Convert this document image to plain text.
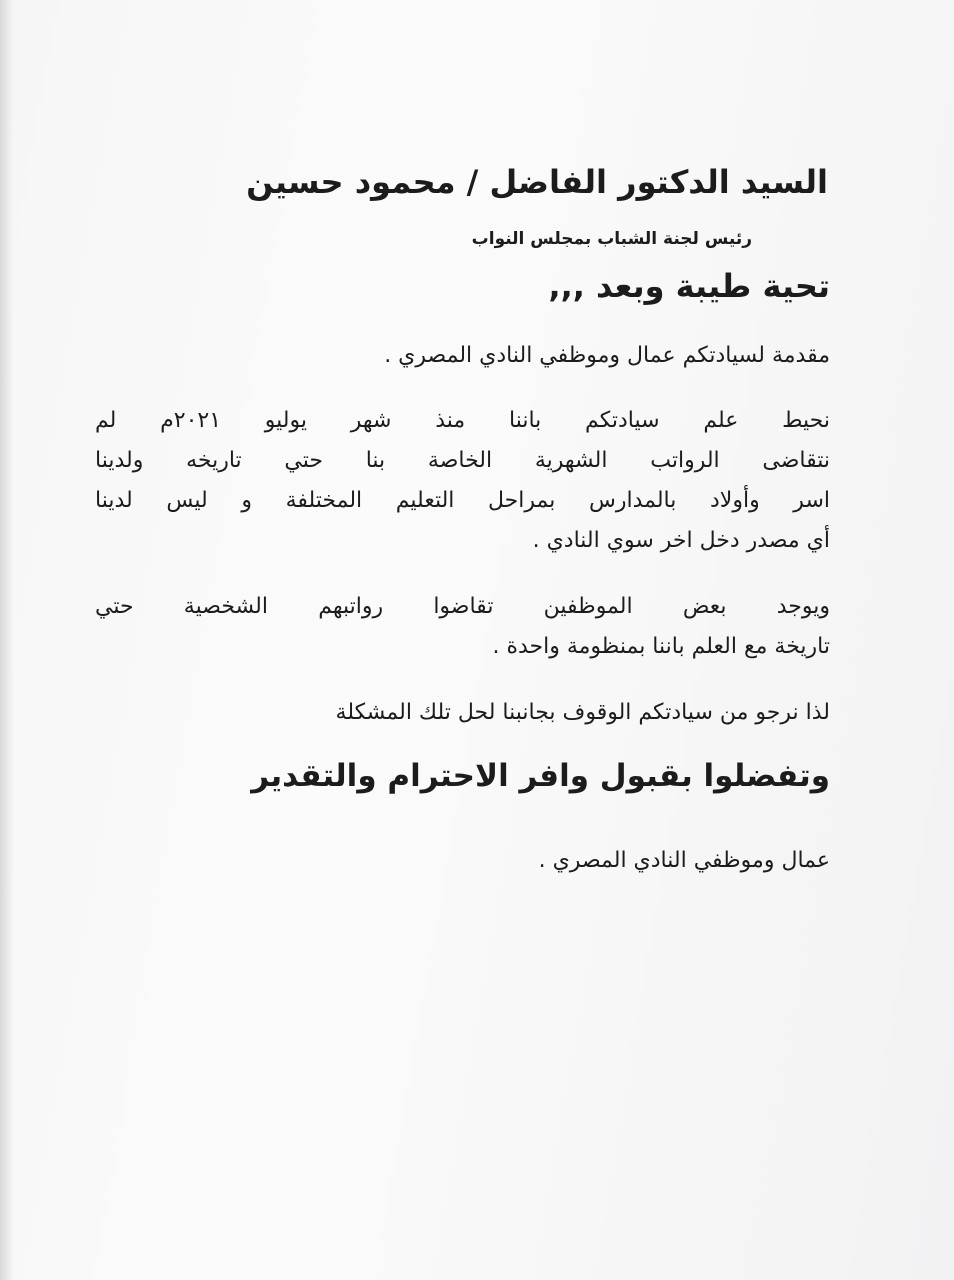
السيد الدكتور الفاضل / محمود حسين
رئيس لجنة الشباب بمجلس النواب
تحية طيبة وبعد ,,,
مقدمة لسيادتكم عمال وموظفي النادي المصري .
نحيط علم سيادتكم باننا منذ شهر يوليو ٢٠٢١م لم
نتقاضى الرواتب الشهرية الخاصة بنا حتي تاريخه ولدينا
اسر وأولاد بالمدارس بمراحل التعليم المختلفة و ليس لدينا
أي مصدر دخل اخر سوي النادي .
ويوجد بعض الموظفين تقاضوا رواتبهم الشخصية حتي
تاريخة مع العلم باننا بمنظومة واحدة .
لذا نرجو من سيادتكم الوقوف بجانبنا لحل تلك المشكلة
وتفضلوا بقبول وافر الاحترام والتقدير
عمال وموظفي النادي المصري .
